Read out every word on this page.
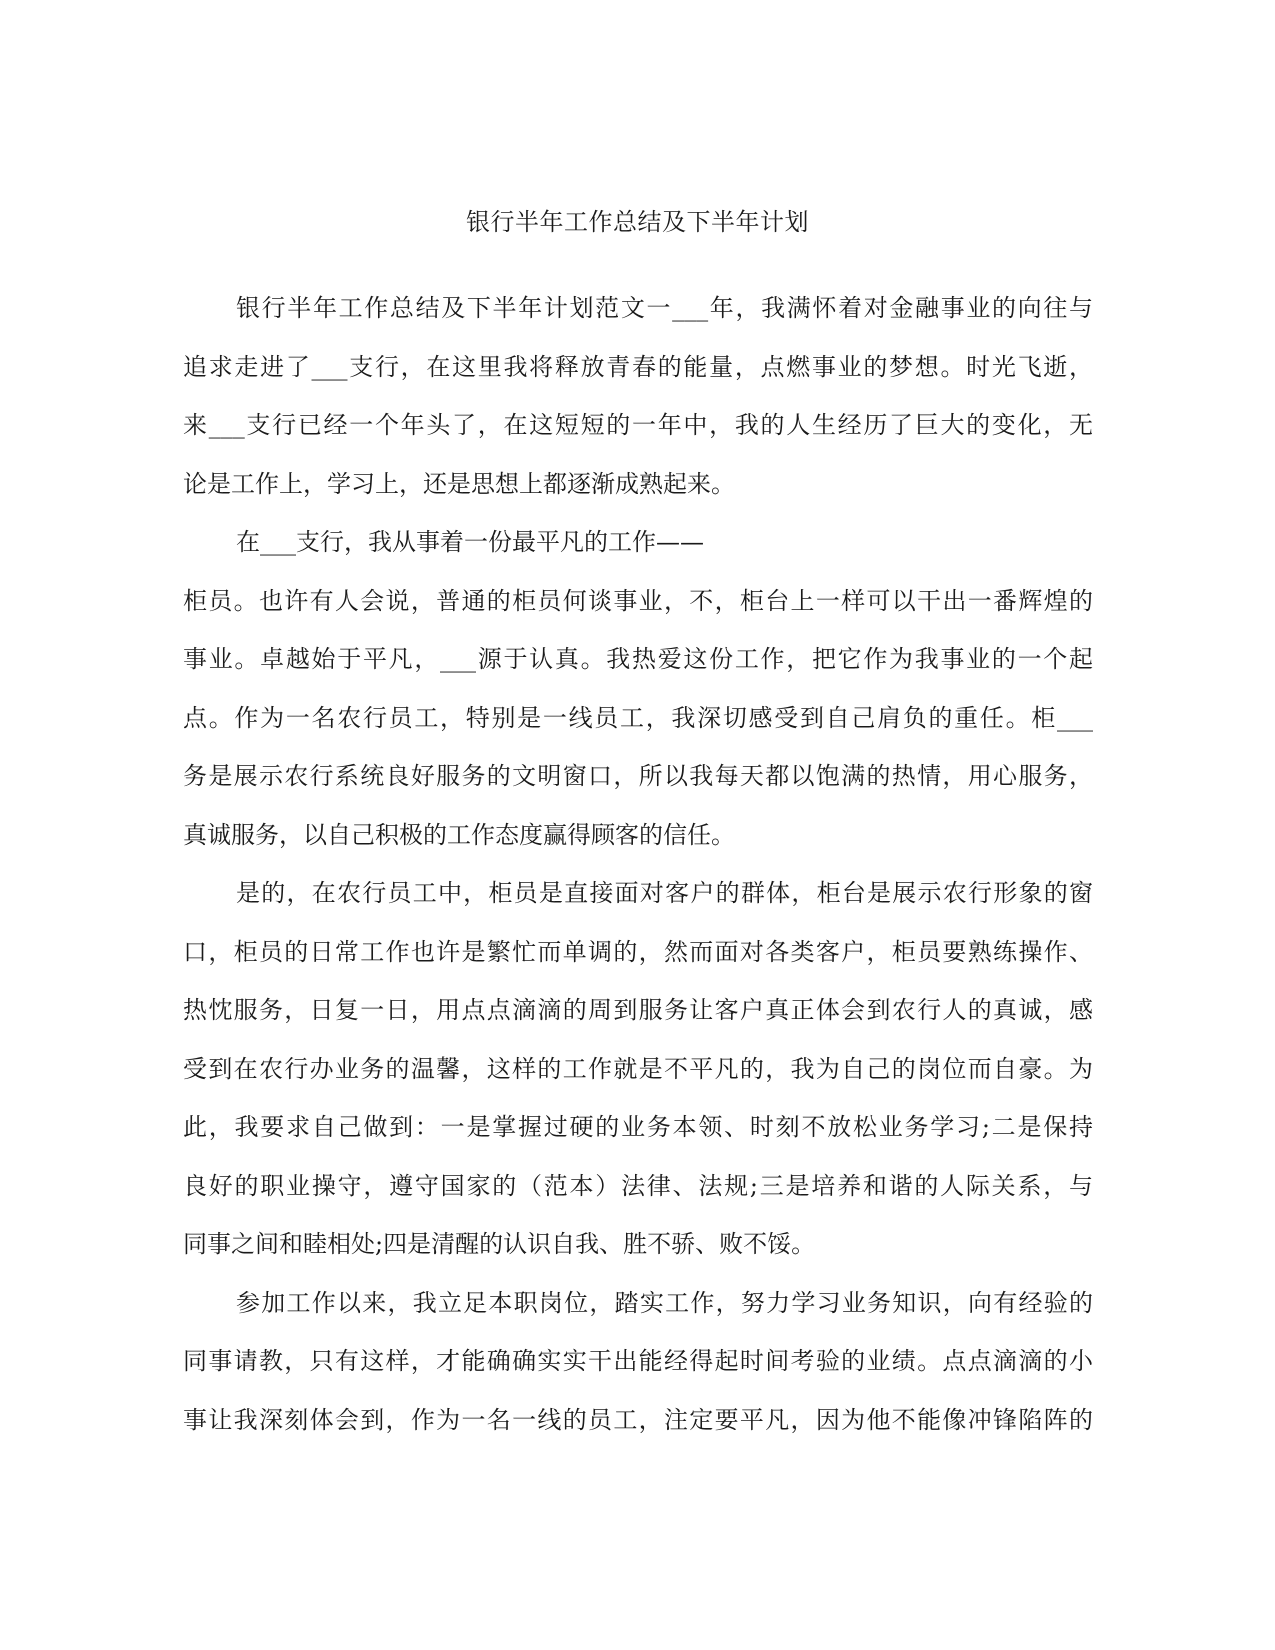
银行半年工作总结及下半年计划
银行半年工作总结及下半年计划范文一___年，我满怀着对金融事业的向往与
追求走进了___支行，在这里我将释放青春的能量，点燃事业的梦想。时光飞逝，
来___支行已经一个年头了，在这短短的一年中，我的人生经历了巨大的变化，无
论是工作上，学习上，还是思想上都逐渐成熟起来。
在___支行，我从事着一份最平凡的工作——
柜员。也许有人会说，普通的柜员何谈事业，不，柜台上一样可以干出一番辉煌的
事业。卓越始于平凡，___源于认真。我热爱这份工作，把它作为我事业的一个起
点。作为一名农行员工，特别是一线员工，我深切感受到自己肩负的重任。柜___
务是展示农行系统良好服务的文明窗口，所以我每天都以饱满的热情，用心服务，
真诚服务，以自己积极的工作态度赢得顾客的信任。
是的，在农行员工中，柜员是直接面对客户的群体，柜台是展示农行形象的窗
口，柜员的日常工作也许是繁忙而单调的，然而面对各类客户，柜员要熟练操作、
热忱服务，日复一日，用点点滴滴的周到服务让客户真正体会到农行人的真诚，感
受到在农行办业务的温馨，这样的工作就是不平凡的，我为自己的岗位而自豪。为
此，我要求自己做到：一是掌握过硬的业务本领、时刻不放松业务学习;二是保持
良好的职业操守，遵守国家的（范本）法律、法规;三是培养和谐的人际关系，与
同事之间和睦相处;四是清醒的认识自我、胜不骄、败不馁。
参加工作以来，我立足本职岗位，踏实工作，努力学习业务知识，向有经验的
同事请教，只有这样，才能确确实实干出能经得起时间考验的业绩。点点滴滴的小
事让我深刻体会到，作为一名一线的员工，注定要平凡，因为他不能像冲锋陷阵的
